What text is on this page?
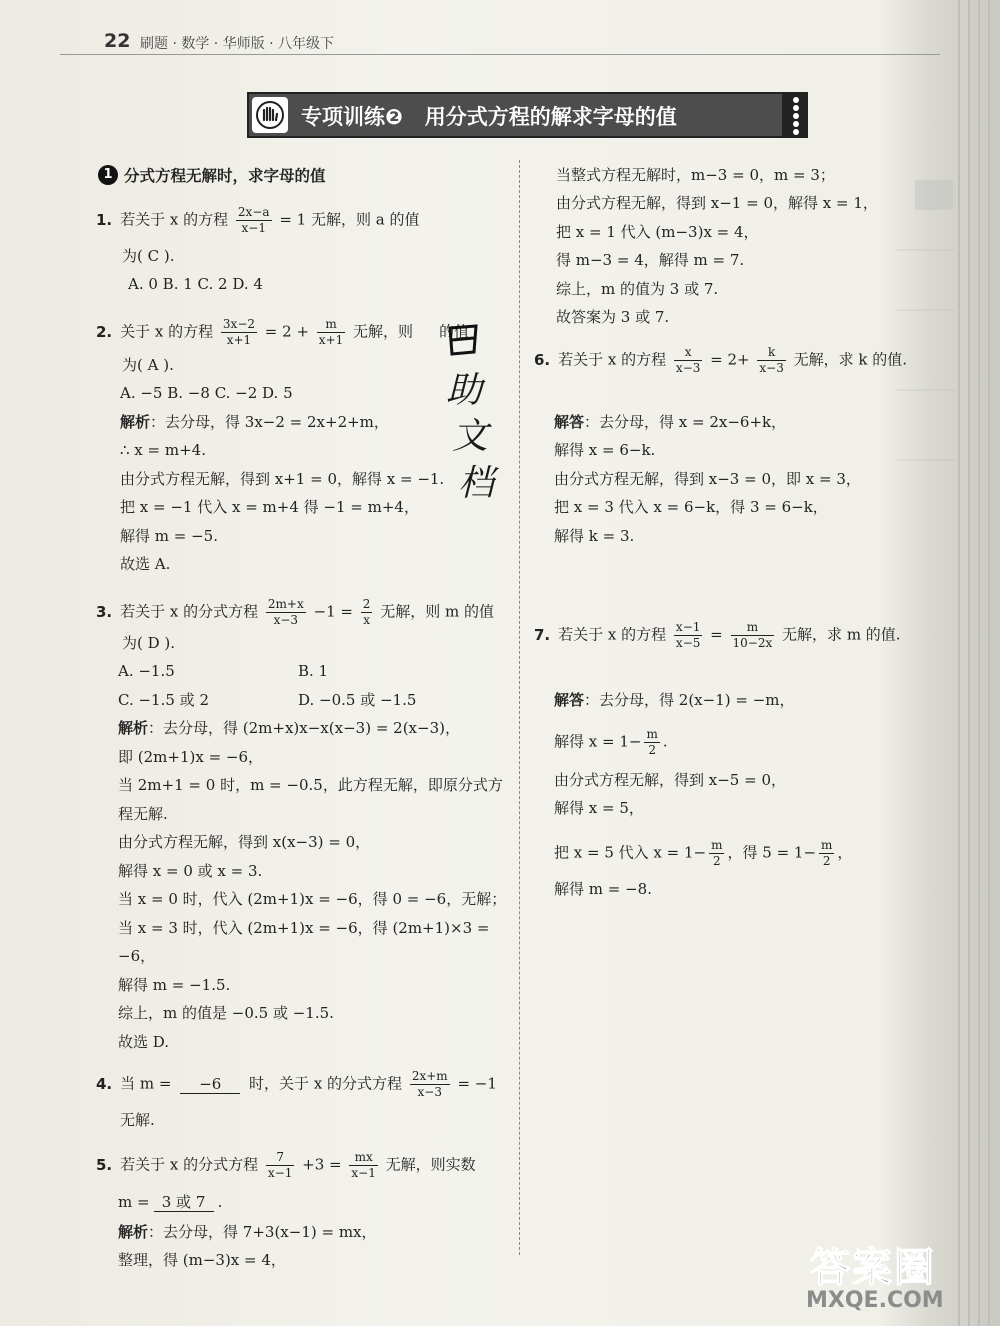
22 刷题 · 数学 · 华师版 · 八年级下
专项训练❷   用分式方程的解求字母的值
1 分式方程无解时，求字母的值
1. 若关于 x 的方程 $\frac{2x-a}{x-1} = 1$ 无解，则 a 的值
为( C ).
A. 0 B. 1 C. 2 D. 4
2. 关于 x 的方程 $\frac{3x-2}{x+1} = 2 + \frac{m}{x+1}$ 无解，则 的值
为( A ).
A. −5 B. −8 C. −2 D. 5
解析：去分母，得 3x−2 = 2x+2+m，
∴ x = m+4.
由分式方程无解，得到 x+1 = 0，解得 x = −1.
把 x = −1 代入 x = m+4 得 −1 = m+4，
解得 m = −5.
故选 A.
助
文
档
3. 若关于 x 的分式方程 $\frac{2m+x}{x-3} -1 = \frac{2}{x}$ 无解，则 m 的值
为( D ).
A. −1.5	B. 1
C. −1.5 或 2	D. −0.5 或 −1.5
解析：去分母，得 (2m+x)x−x(x−3) = 2(x−3)，
即 (2m+1)x = −6，
当 2m+1 = 0 时，m = −0.5，此方程无解，即原分式方
程无解.
由分式方程无解，得到 x(x−3) = 0，
解得 x = 0 或 x = 3.
当 x = 0 时，代入 (2m+1)x = −6，得 0 = −6，无解；
当 x = 3 时，代入 (2m+1)x = −6，得 (2m+1)×3 =
−6，
解得 m = −1.5.
综上，m 的值是 −0.5 或 −1.5.
故选 D.
4. 当 m = −6 时，关于 x 的分式方程 $\frac{2x+m}{x-3} = -1$
无解.
5. 若关于 x 的分式方程 $\frac{7}{x-1} +3 = \frac{mx}{x-1}$ 无解，则实数
m = 3 或 7 .
解析：去分母，得 7+3(x−1) = mx，
整理，得 (m−3)x = 4，
当整式方程无解时，m−3 = 0，m = 3；
由分式方程无解，得到 x−1 = 0，解得 x = 1，
把 x = 1 代入 (m−3)x = 4，
得 m−3 = 4，解得 m = 7.
综上，m 的值为 3 或 7.
故答案为 3 或 7.
6. 若关于 x 的方程 $\frac{x}{x-3} = 2+ \frac{k}{x-3}$ 无解，求 k 的值.
解答：去分母，得 x = 2x−6+k，
解得 x = 6−k.
由分式方程无解，得到 x−3 = 0，即 x = 3，
把 x = 3 代入 x = 6−k，得 3 = 6−k，
解得 k = 3.
7. 若关于 x 的方程 $\frac{x-1}{x-5} = \frac{m}{10-2x}$ 无解，求 m 的值.
解答：去分母，得 2(x−1) = −m，
解得 $x = 1- \frac{m}{2}$ .
由分式方程无解，得到 x−5 = 0，
解得 x = 5，
把 x = 5 代入 $x = 1- \frac{m}{2}$ ，得 $5 = 1- \frac{m}{2}$ ，
解得 m = −8.
答案圈
MXQE.COM
